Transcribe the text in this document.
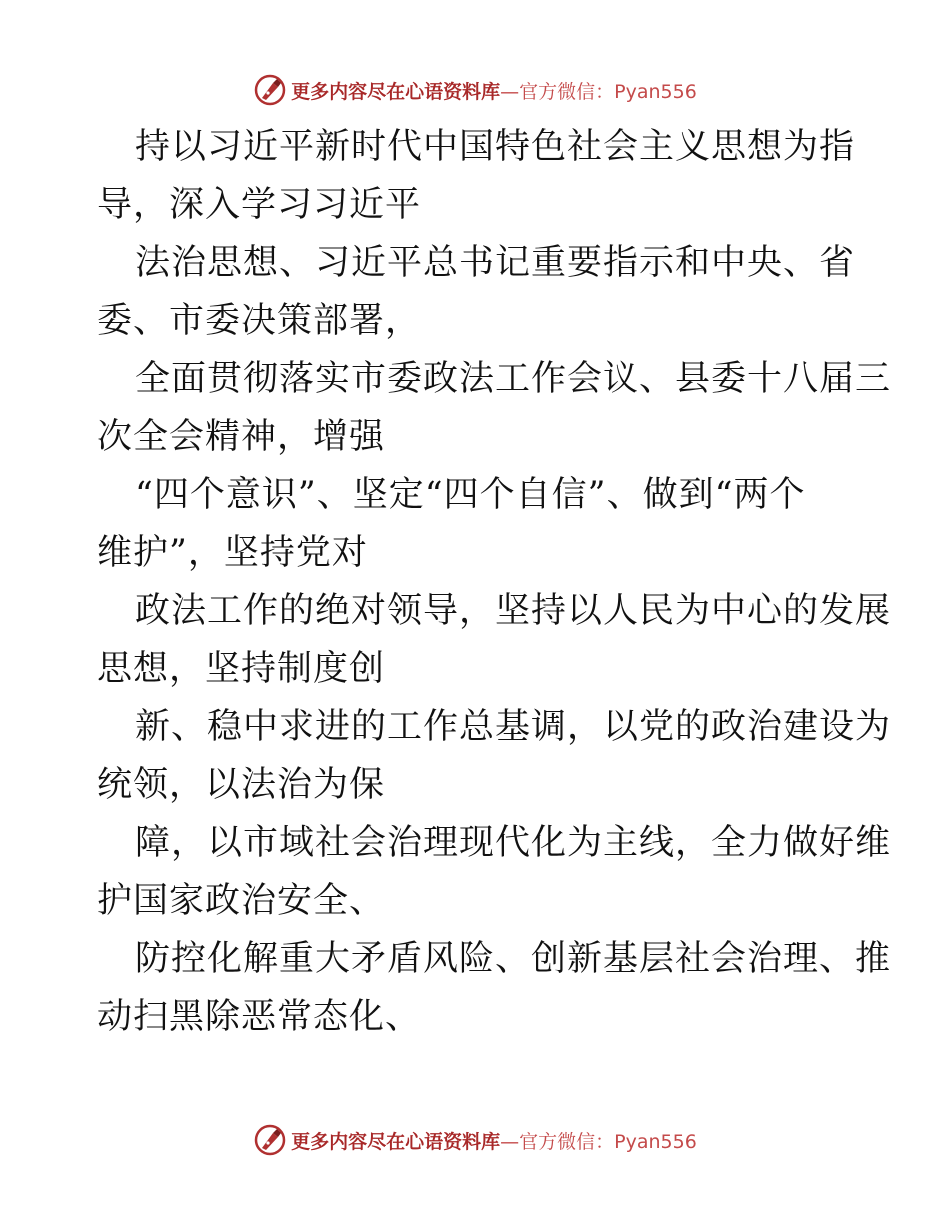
更多内容尽在心语资料库—官方微信：Pyan556
持以习近平新时代中国特色社会主义思想为指
导，深入学习习近平
法治思想、习近平总书记重要指示和中央、省
委、市委决策部署，
全面贯彻落实市委政法工作会议、县委十八届三
次全会精神，增强
“四个意识”、坚定“四个自信”、做到“两个
维护”，坚持党对
政法工作的绝对领导，坚持以人民为中心的发展
思想，坚持制度创
新、稳中求进的工作总基调，以党的政治建设为
统领，以法治为保
障，以市域社会治理现代化为主线，全力做好维
护国家政治安全、
防控化解重大矛盾风险、创新基层社会治理、推
动扫黑除恶常态化、
更多内容尽在心语资料库—官方微信：Pyan556
